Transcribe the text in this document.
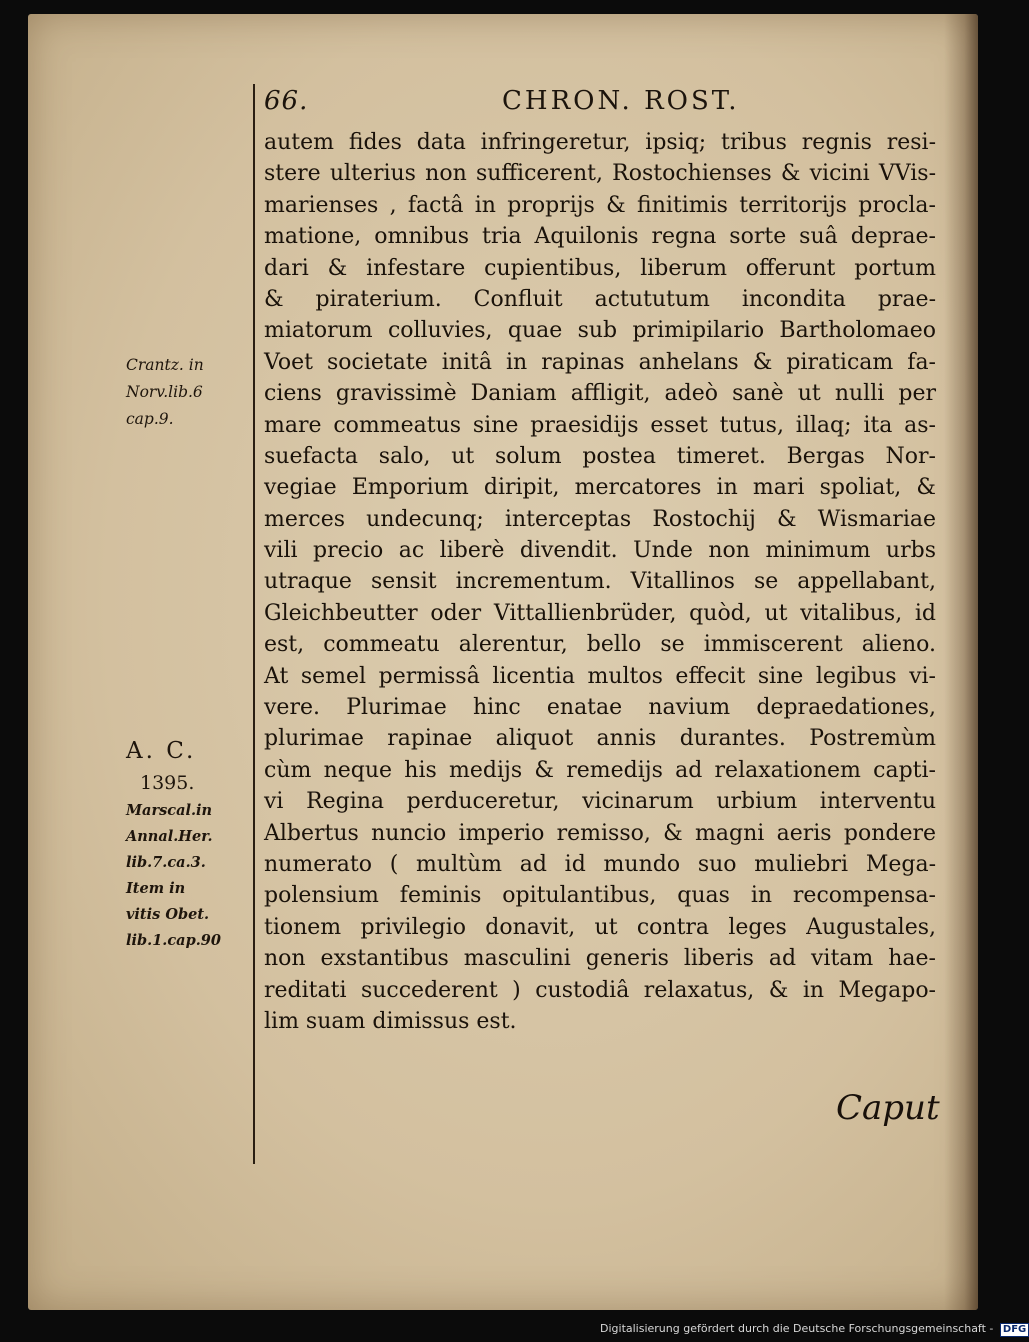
66.	CHRON. ROST.
autem fides data infringeretur, ipsiq; tribus regnis resi-
stere ulterius non sufficerent, Rostochienses & vicini VVis-
marienses , factâ in proprijs & finitimis territorijs procla-
matione, omnibus tria Aquilonis regna sorte suâ deprae-
dari & infestare cupientibus, liberum offerunt portum
& piraterium. Confluit actututum incondita prae-
miatorum colluvies, quae sub primipilario Bartholomaeo
Voet societate initâ in rapinas anhelans & piraticam fa-
ciens gravissimè Daniam affligit, adeò sanè ut nulli per
mare commeatus sine praesidijs esset tutus, illaq; ita as-
suefacta salo, ut solum postea timeret. Bergas Nor-
vegiae Emporium diripit, mercatores in mari spoliat, &
merces undecunq; interceptas Rostochij & Wismariae
vili precio ac liberè divendit. Unde non minimum urbs
utraque sensit incrementum. Vitallinos se appellabant,
Gleichbeutter oder Vittallienbrüder, quòd, ut vitalibus, id
est, commeatu alerentur, bello se immiscerent alieno.
At semel permissâ licentia multos effecit sine legibus vi-
vere. Plurimae hinc enatae navium depraedationes,
plurimae rapinae aliquot annis durantes. Postremùm
cùm neque his medijs & remedijs ad relaxationem capti-
vi Regina perduceretur, vicinarum urbium interventu
Albertus nuncio imperio remisso, & magni aeris pondere
numerato ( multùm ad id mundo suo muliebri Mega-
polensium feminis opitulantibus, quas in recompensa-
tionem privilegio donavit, ut contra leges Augustales,
non exstantibus masculini generis liberis ad vitam hae-
reditati succederent ) custodiâ relaxatus, & in Megapo-
lim suam dimissus est.
Crantz. in
Norv.lib.6
cap.9.
A. C.
1395.
Marscal.in
Annal.Her.
lib.7.ca.3.
Item in
vitis Obet.
lib.1.cap.90
Caput
Digitalisierung gefördert durch die Deutsche Forschungsgemeinschaft - DFG
